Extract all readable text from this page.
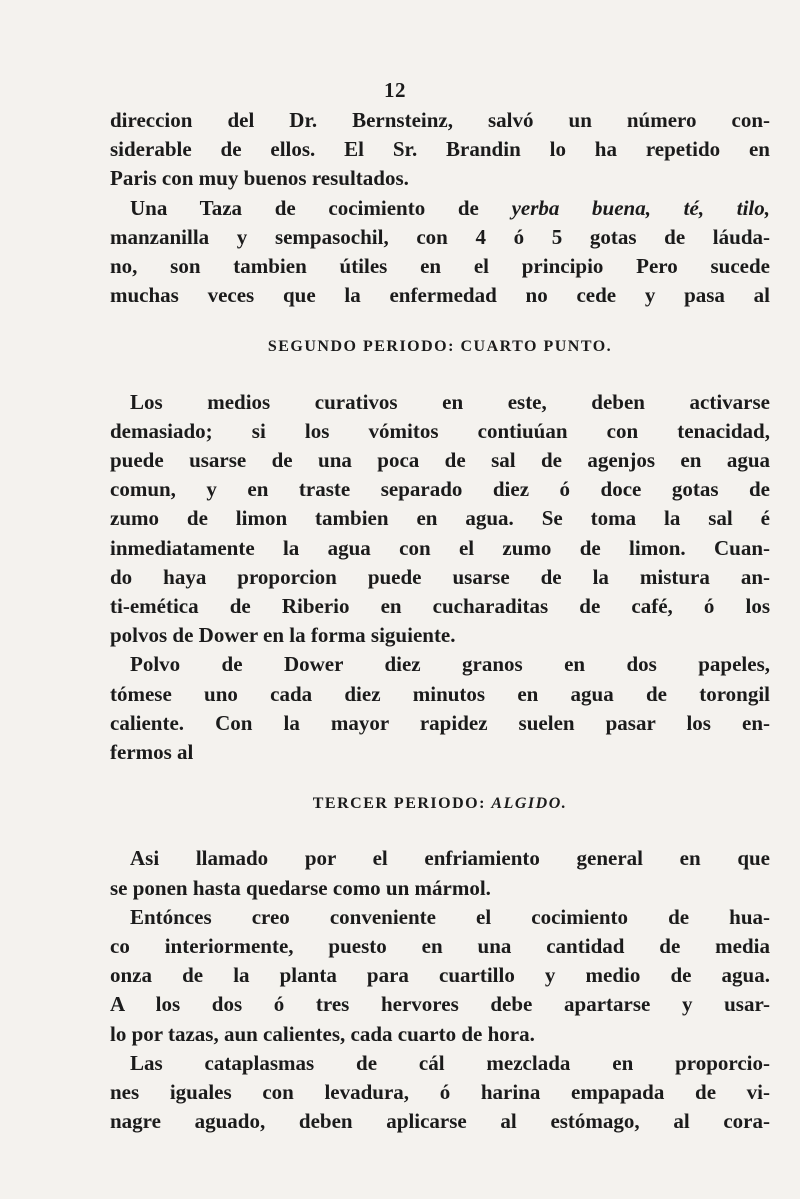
12
direccion del Dr. Bernsteinz, salvó un número con-
siderable de ellos. El Sr. Brandin lo ha repetido en
Paris con muy buenos resultados.
Una Taza de cocimiento de yerba buena, té, tilo,
manzanilla y sempasochil, con 4 ó 5 gotas de láuda-
no, son tambien útiles en el principio Pero sucede
muchas veces que la enfermedad no cede y pasa al
SEGUNDO PERIODO: CUARTO PUNTO.
Los medios curativos en este, deben activarse
demasiado; si los vómitos contiuúan con tenacidad,
puede usarse de una poca de sal de agenjos en agua
comun, y en traste separado diez ó doce gotas de
zumo de limon tambien en agua. Se toma la sal é
inmediatamente la agua con el zumo de limon. Cuan-
do haya proporcion puede usarse de la mistura an-
ti-emética de Riberio en cucharaditas de café, ó los
polvos de Dower en la forma siguiente.
Polvo de Dower diez granos en dos papeles,
tómese uno cada diez minutos en agua de torongil
caliente. Con la mayor rapidez suelen pasar los en-
fermos al
TERCER PERIODO: ALGIDO.
Asi llamado por el enfriamiento general en que
se ponen hasta quedarse como un mármol.
Entónces creo conveniente el cocimiento de hua-
co interiormente, puesto en una cantidad de media
onza de la planta para cuartillo y medio de agua.
A los dos ó tres hervores debe apartarse y usar-
lo por tazas, aun calientes, cada cuarto de hora.
Las cataplasmas de cál mezclada en proporcio-
nes iguales con levadura, ó harina empapada de vi-
nagre aguado, deben aplicarse al estómago, al cora-
